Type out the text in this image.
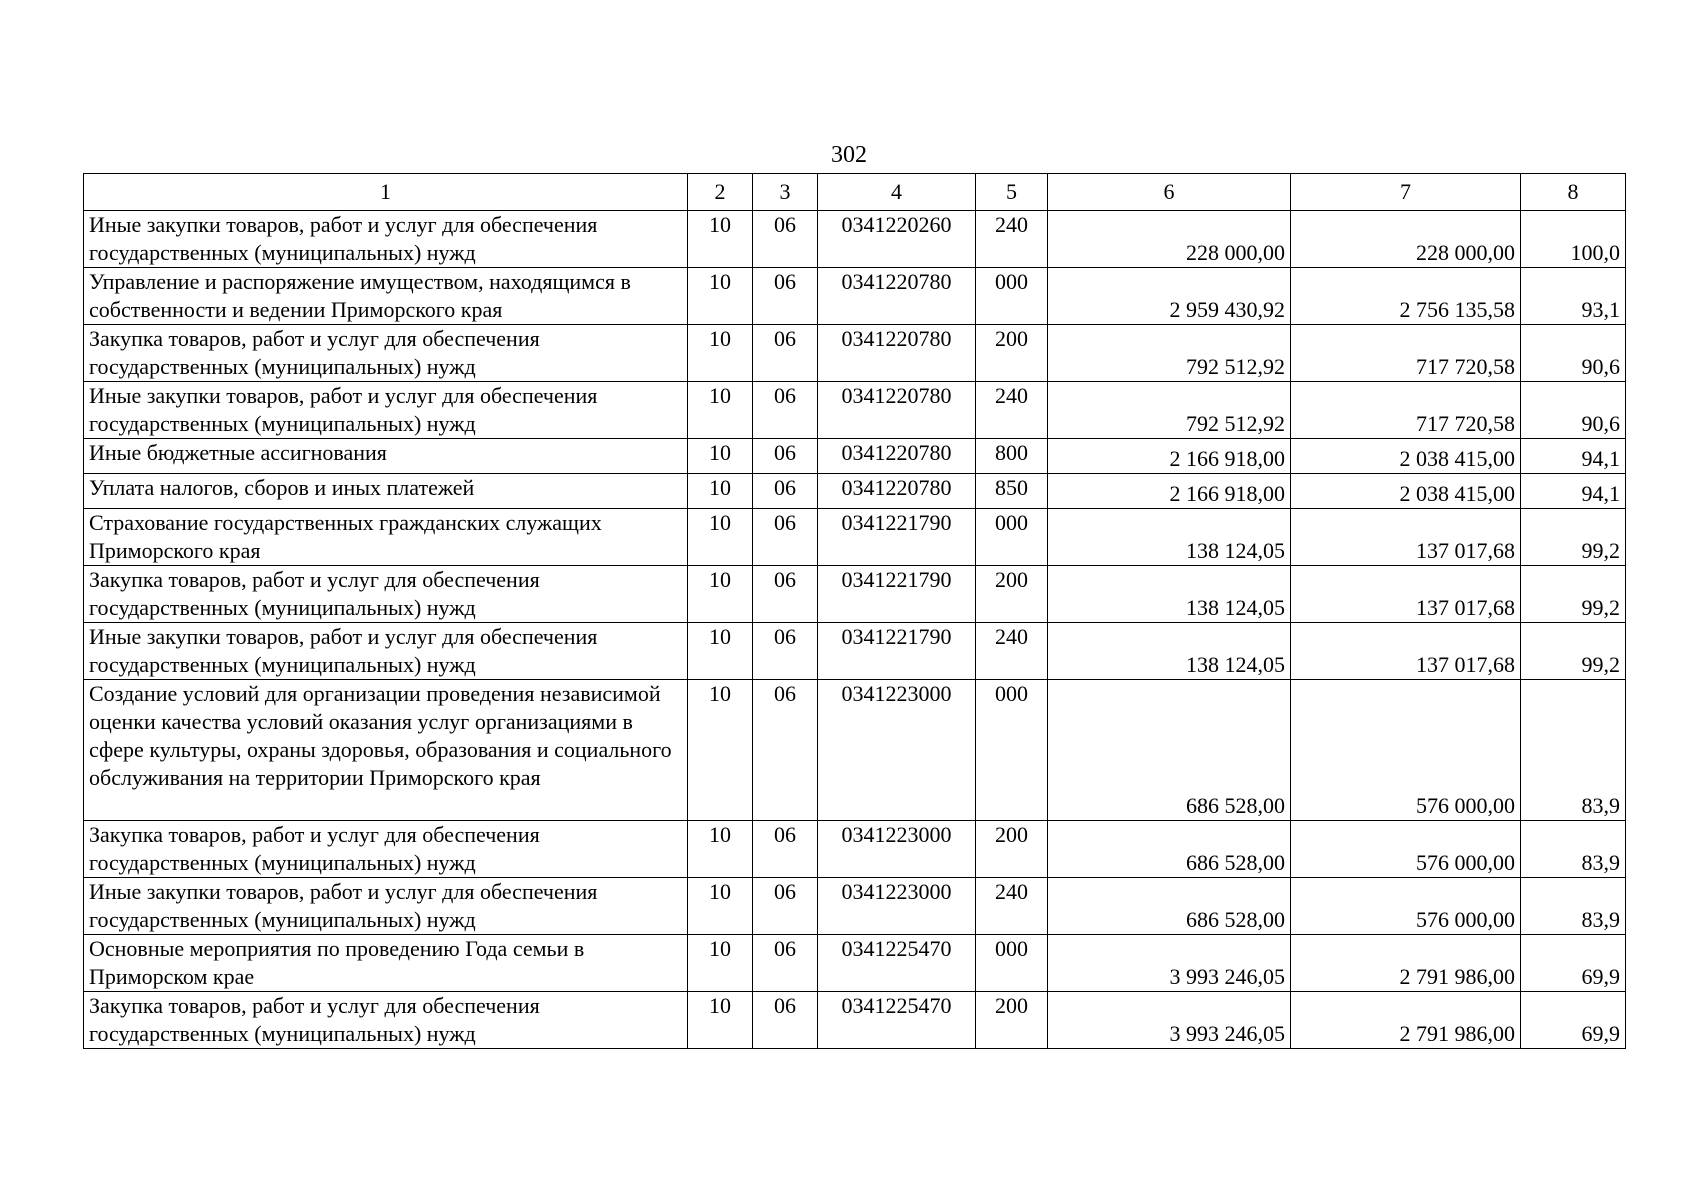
302
1	2	3	4	5	6	7	8
Иные закупки товаров, работ и услуг для обеспечения государственных (муниципальных) нужд	10	06	0341220260	240	228 000,00	228 000,00	100,0
Управление и распоряжение имуществом, находящимся в собственности и ведении Приморского края	10	06	0341220780	000	2 959 430,92	2 756 135,58	93,1
Закупка товаров, работ и услуг для обеспечения государственных (муниципальных) нужд	10	06	0341220780	200	792 512,92	717 720,58	90,6
Иные закупки товаров, работ и услуг для обеспечения государственных (муниципальных) нужд	10	06	0341220780	240	792 512,92	717 720,58	90,6
Иные бюджетные ассигнования	10	06	0341220780	800	2 166 918,00	2 038 415,00	94,1
Уплата налогов, сборов и иных платежей	10	06	0341220780	850	2 166 918,00	2 038 415,00	94,1
Страхование государственных гражданских служащих Приморского края	10	06	0341221790	000	138 124,05	137 017,68	99,2
Закупка товаров, работ и услуг для обеспечения государственных (муниципальных) нужд	10	06	0341221790	200	138 124,05	137 017,68	99,2
Иные закупки товаров, работ и услуг для обеспечения государственных (муниципальных) нужд	10	06	0341221790	240	138 124,05	137 017,68	99,2
Создание условий для организации проведения независимой оценки качества условий оказания услуг организациями в сфере культуры, охраны здоровья, образования и социального обслуживания на территории Приморского края	10	06	0341223000	000	686 528,00	576 000,00	83,9
Закупка товаров, работ и услуг для обеспечения государственных (муниципальных) нужд	10	06	0341223000	200	686 528,00	576 000,00	83,9
Иные закупки товаров, работ и услуг для обеспечения государственных (муниципальных) нужд	10	06	0341223000	240	686 528,00	576 000,00	83,9
Основные мероприятия по проведению Года семьи в Приморском крае	10	06	0341225470	000	3 993 246,05	2 791 986,00	69,9
Закупка товаров, работ и услуг для обеспечения государственных (муниципальных) нужд	10	06	0341225470	200	3 993 246,05	2 791 986,00	69,9
